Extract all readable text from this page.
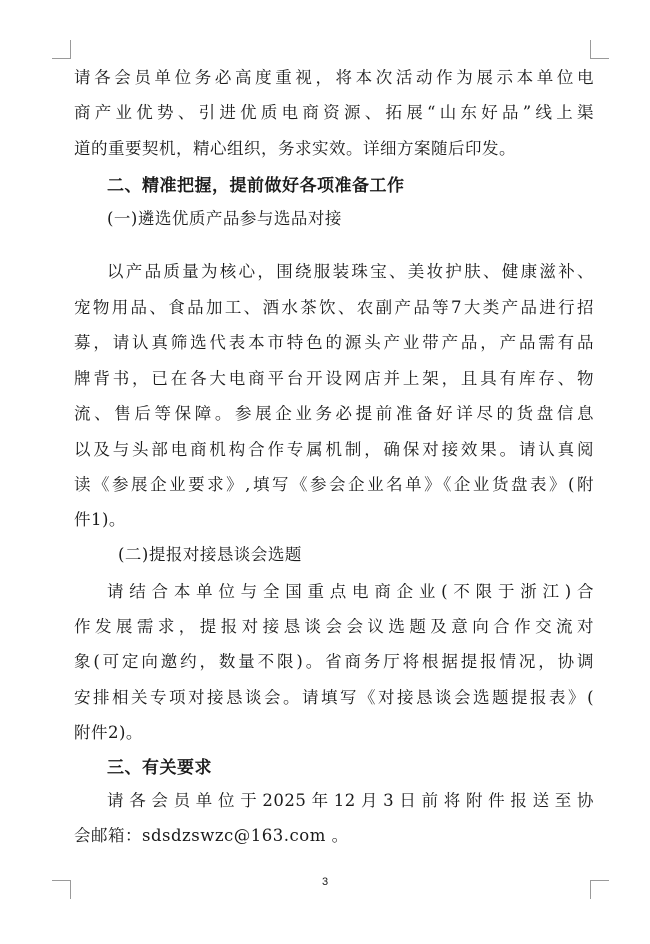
请各会员单位务必高度重视，将本次活动作为展示本单位电
商产业优势、引进优质电商资源、拓展“山东好品”线上渠
道的重要契机，精心组织，务求实效。详细方案随后印发。
二、精准把握，提前做好各项准备工作
(一)遴选优质产品参与选品对接
以产品质量为核心，围绕服装珠宝、美妆护肤、健康滋补、
宠物用品、食品加工、酒水茶饮、农副产品等7大类产品进行招
募，请认真筛选代表本市特色的源头产业带产品，产品需有品
牌背书，已在各大电商平台开设网店并上架，且具有库存、物
流、售后等保障。参展企业务必提前准备好详尽的货盘信息
以及与头部电商机构合作专属机制，确保对接效果。请认真阅
读《参展企业要求》,填写《参会企业名单》《企业货盘表》(附
件1)。
(二)提报对接恳谈会选题
请结合本单位与全国重点电商企业(不限于浙江)合
作发展需求，提报对接恳谈会会议选题及意向合作交流对
象(可定向邀约，数量不限)。省商务厅将根据提报情况，协调
安排相关专项对接恳谈会。请填写《对接恳谈会选题提报表》(
附件2)。
三、有关要求
请各会员单位于2025年12月3日前将附件报送至协
会邮箱：sdsdzswzc@163.com 。
3
